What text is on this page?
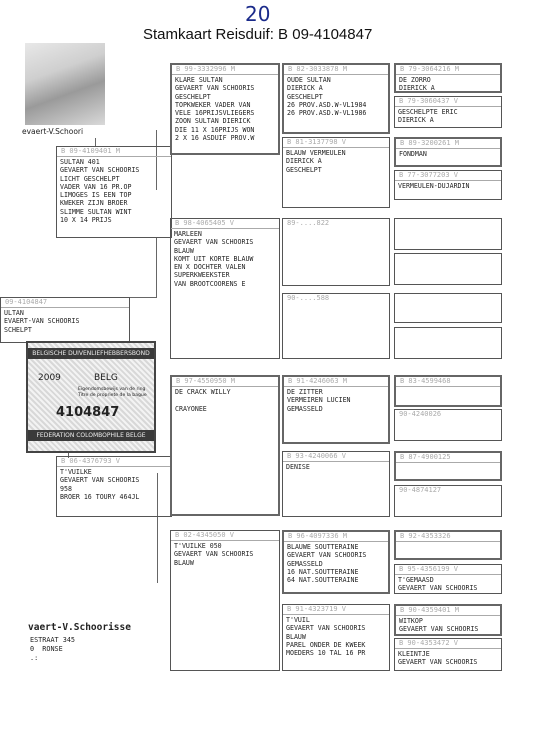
20
Stamkaart Reisduif: B 09-4104847
evaert-V.Schoori
09-4104847
ULTAN
EVAERT-VAN SCHOORIS
SCHELPT
BELGISCHE DUIVENLIEFHEBBERSBOND
2009	BELG
Eigendomsbewijs van de ring
Titre de propriete de la bague
4104847
FEDERATION COLOMBOPHILE BELGE
vaert-V.Schoorisse
ESTRAAT 345
0  RONSE
.:
B 09-4109401 M
SULTAN 401
GEVAERT VAN SCHOORIS
LICHT GESCHELPT
VADER VAN 16 PR.OP
LIMOGES IS EEN TOP
KWEKER ZIJN BROER
SLIMME SULTAN WINT
10 X 14 PRIJS
B 06-4376793 V
T'VUILKE
GEVAERT VAN SCHOORIS
958
BROER 16 TOURY 464JL
B 99-3332996 M
KLARE SULTAN
GEVAERT VAN SCHOORIS
GESCHELPT
TOPKWEKER VADER VAN
VELE 16PRIJSVLIEGERS
ZOON SULTAN DIERICK
DIE 11 X 16PRIJS WON
2 X 16 ASDUIF PROV.W
B 98-4065405 V
MARLEEN
GEVAERT VAN SCHOORIS
BLAUW
KOMT UIT KORTE BLAUW
EN X DOCHTER VALEN
SUPERKWEEKSTER
VAN BROOTCOORENS E
B 97-4550950 M
DE CRACK WILLY

CRAYONEE
B 02-4345050 V
T'VUILKE 050
GEVAERT VAN SCHOORIS
BLAUW
B 82-3033878 M
OUDE SULTAN
DIERICK A
GESCHELPT
26 PROV.ASD.W-VL1984
26 PROV.ASD.W-VL1986
B 81-3137798 V
BLAUW VERMEULEN
DIERICK A
GESCHELPT
89-....822
90-....588
B 91-4246063 M
DE ZITTER
VERMEIREN LUCIEN
GEMASSELD
B 93-4240066 V
DENISE
B 96-4097336 M
BLAUWE SOUTTERAINE
GEVAERT VAN SCHOORIS
GEMASSELD
16 NAT.SOUTTERAINE
64 NAT.SOUTTERAINE
B 91-4323719 V
T'VUIL
GEVAERT VAN SCHOORIS
BLAUW
PAREL ONDER DE KWEEK
MOEDERS 10 TAL 16 PR
B 79-3064216 M
DE ZORRO
DIERICK A
B 79-3060437 V
GESCHELPTE ERIC
DIERICK A
B 89-3200261 M
FONDMAN
B 77-3077203 V
VERMEULEN-DUJARDIN
B 83-4599468
90-4240026
B 87-4900125
90-4874127
B 92-4353326
B 95-4356199 V
T'GEMAASD
GEVAERT VAN SCHOORIS
B 90-4359401 M
WITKOP
GEVAERT VAN SCHOORIS
B 90-4353472 V
KLEINTJE
GEVAERT VAN SCHOORIS
